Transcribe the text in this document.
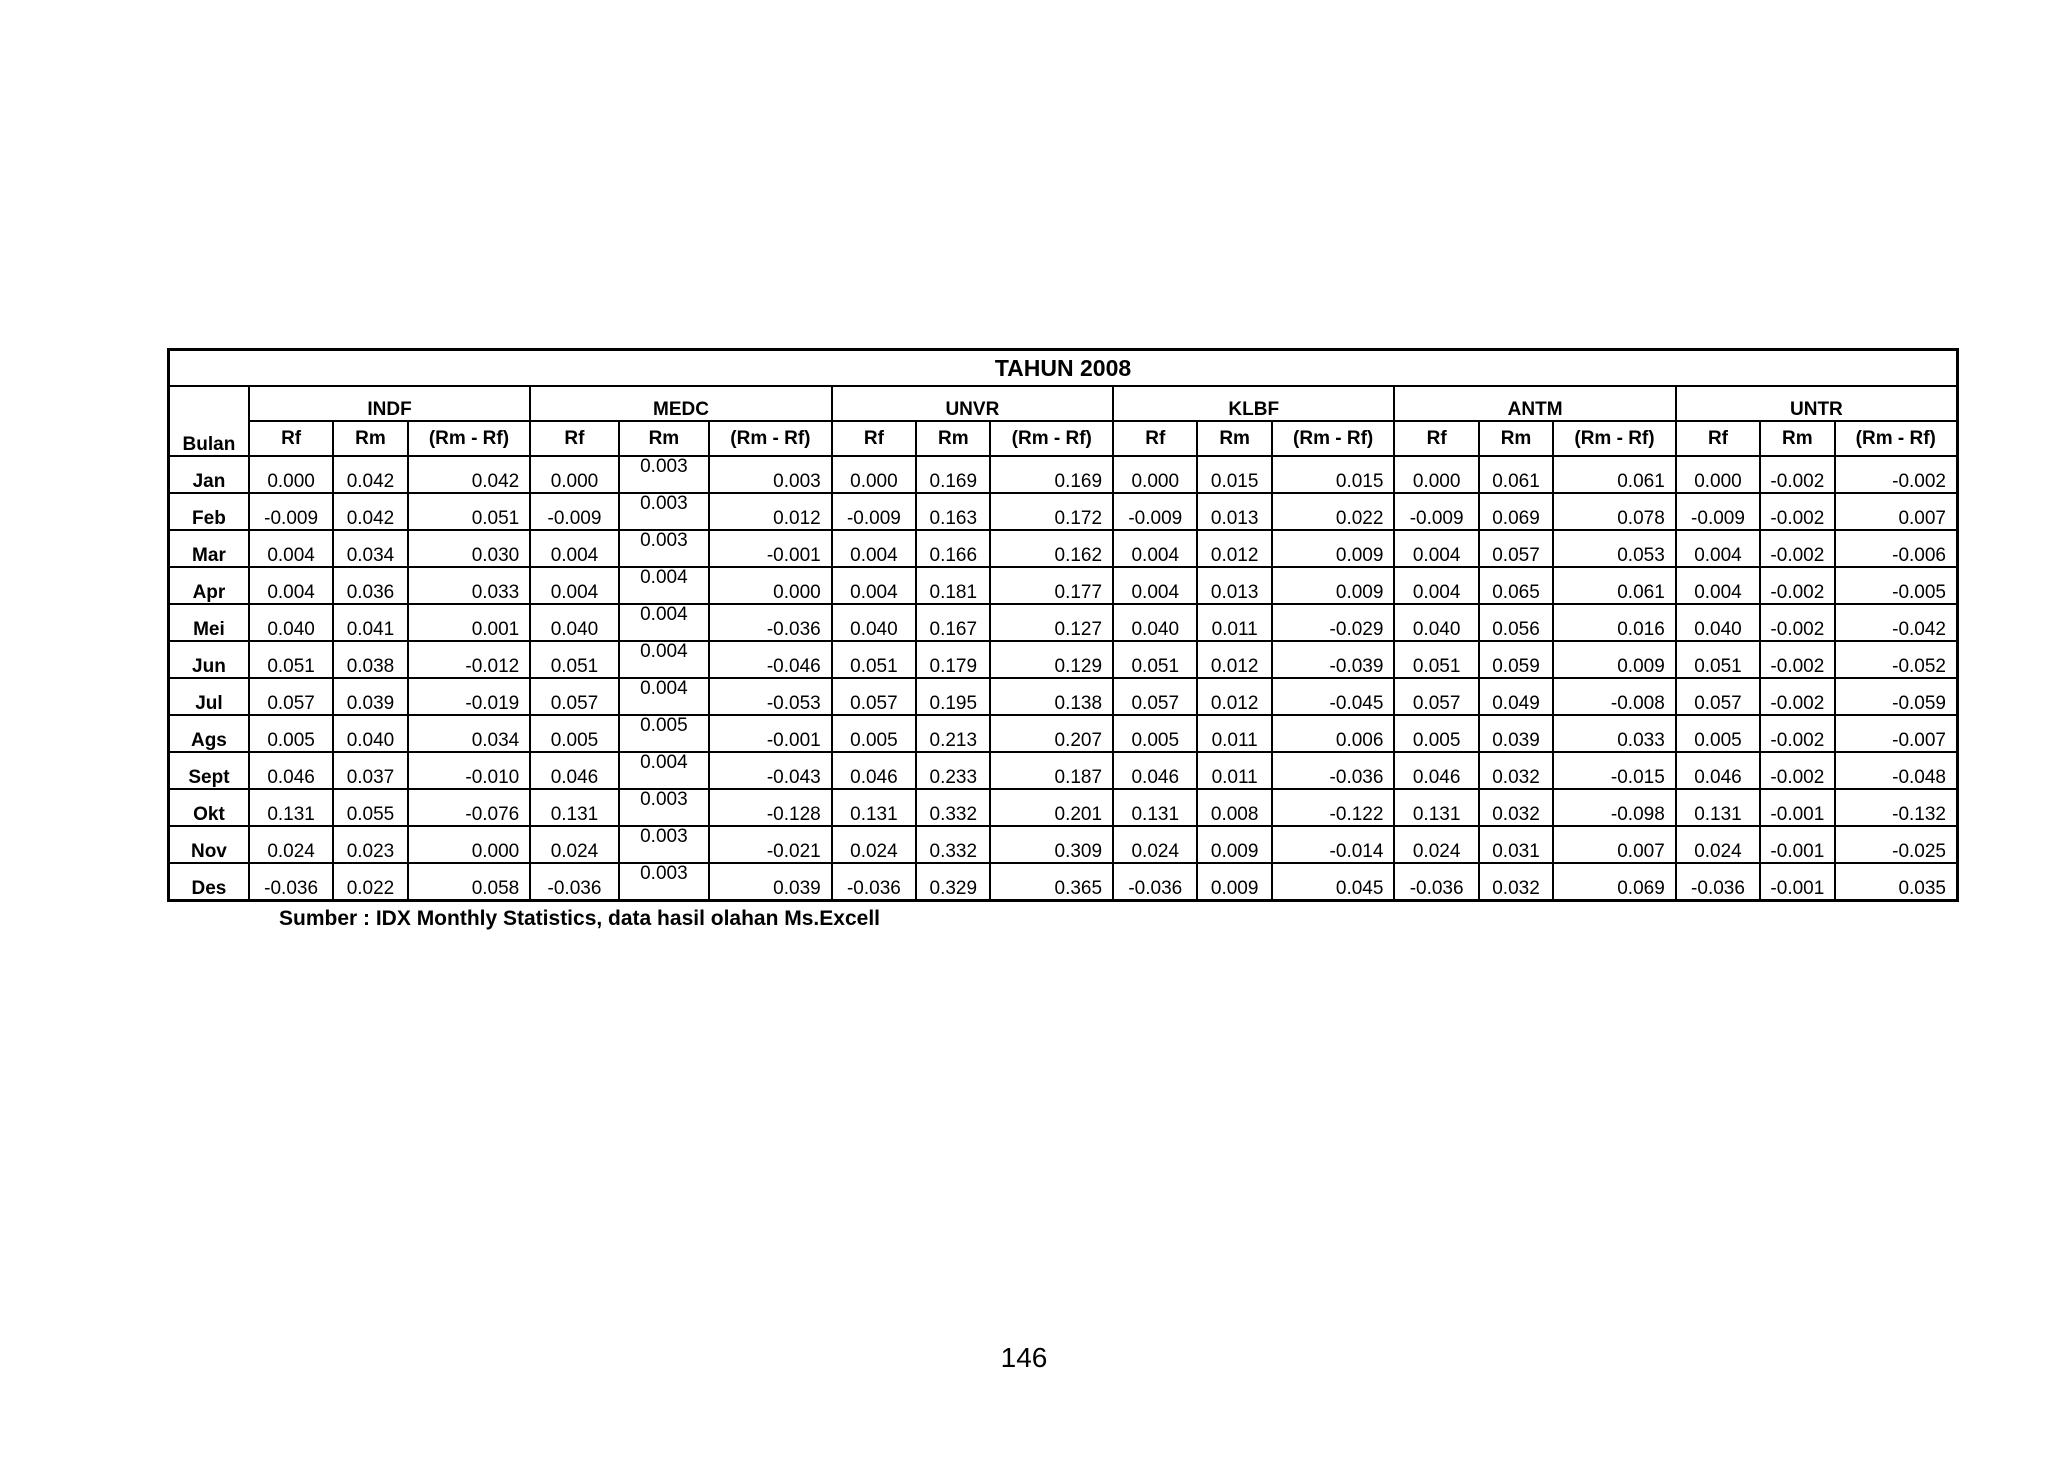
TAHUN 2008																		
Bulan	INDF			MEDC			UNVR			KLBF			ANTM			UNTR		
	Rf	Rm	(Rm - Rf)	Rf	Rm	(Rm - Rf)	Rf	Rm	(Rm - Rf)	Rf	Rm	(Rm - Rf)	Rf	Rm	(Rm - Rf)	Rf	Rm	(Rm - Rf)
Jan	0.000	0.042	0.042	0.000	0.003	0.003	0.000	0.169	0.169	0.000	0.015	0.015	0.000	0.061	0.061	0.000	-0.002	-0.002
Feb	-0.009	0.042	0.051	-0.009	0.003	0.012	-0.009	0.163	0.172	-0.009	0.013	0.022	-0.009	0.069	0.078	-0.009	-0.002	0.007
Mar	0.004	0.034	0.030	0.004	0.003	-0.001	0.004	0.166	0.162	0.004	0.012	0.009	0.004	0.057	0.053	0.004	-0.002	-0.006
Apr	0.004	0.036	0.033	0.004	0.004	0.000	0.004	0.181	0.177	0.004	0.013	0.009	0.004	0.065	0.061	0.004	-0.002	-0.005
Mei	0.040	0.041	0.001	0.040	0.004	-0.036	0.040	0.167	0.127	0.040	0.011	-0.029	0.040	0.056	0.016	0.040	-0.002	-0.042
Jun	0.051	0.038	-0.012	0.051	0.004	-0.046	0.051	0.179	0.129	0.051	0.012	-0.039	0.051	0.059	0.009	0.051	-0.002	-0.052
Jul	0.057	0.039	-0.019	0.057	0.004	-0.053	0.057	0.195	0.138	0.057	0.012	-0.045	0.057	0.049	-0.008	0.057	-0.002	-0.059
Ags	0.005	0.040	0.034	0.005	0.005	-0.001	0.005	0.213	0.207	0.005	0.011	0.006	0.005	0.039	0.033	0.005	-0.002	-0.007
Sept	0.046	0.037	-0.010	0.046	0.004	-0.043	0.046	0.233	0.187	0.046	0.011	-0.036	0.046	0.032	-0.015	0.046	-0.002	-0.048
Okt	0.131	0.055	-0.076	0.131	0.003	-0.128	0.131	0.332	0.201	0.131	0.008	-0.122	0.131	0.032	-0.098	0.131	-0.001	-0.132
Nov	0.024	0.023	0.000	0.024	0.003	-0.021	0.024	0.332	0.309	0.024	0.009	-0.014	0.024	0.031	0.007	0.024	-0.001	-0.025
Des	-0.036	0.022	0.058	-0.036	0.003	0.039	-0.036	0.329	0.365	-0.036	0.009	0.045	-0.036	0.032	0.069	-0.036	-0.001	0.035
Sumber : IDX Monthly Statistics, data hasil olahan Ms.Excell
146
